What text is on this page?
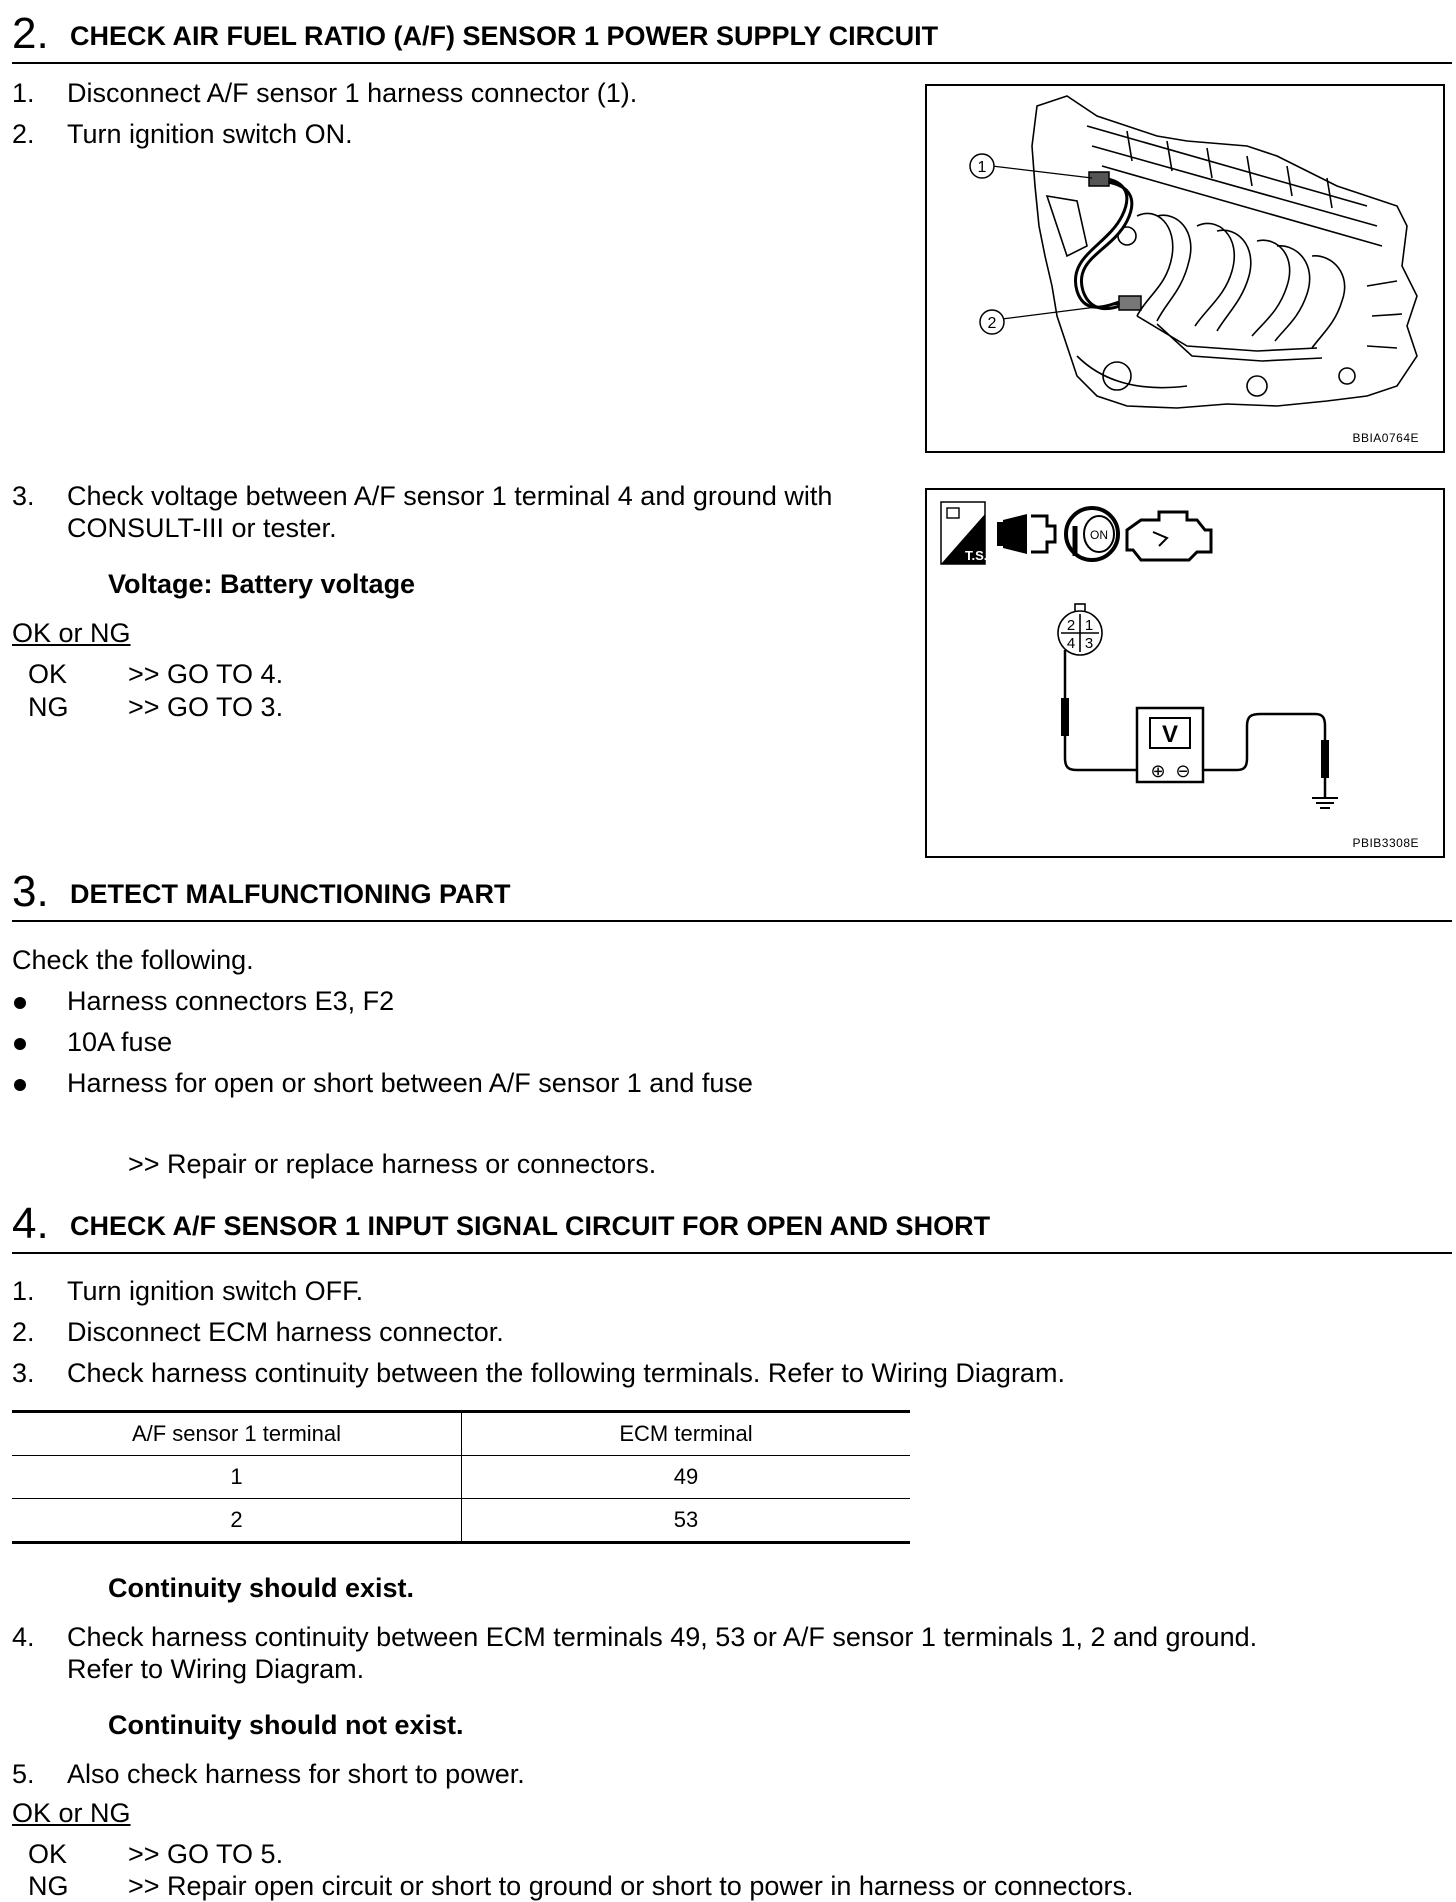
2. CHECK AIR FUEL RATIO (A/F) SENSOR 1 POWER SUPPLY CIRCUIT
1. Disconnect A/F sensor 1 harness connector (1).
2. Turn ignition switch ON.
1
2
BBIA0764E
3. Check voltage between A/F sensor 1 terminal 4 and ground with
CONSULT-III or tester.
Voltage: Battery voltage
OK or NG
OK >> GO TO 4.
NG >> GO TO 3.
T.S.
ON
2 1
4 3
V
⊕ ⊖
PBIB3308E
3. DETECT MALFUNCTIONING PART
Check the following.
Harness connectors E3, F2
10A fuse
Harness for open or short between A/F sensor 1 and fuse
>> Repair or replace harness or connectors.
4. CHECK A/F SENSOR 1 INPUT SIGNAL CIRCUIT FOR OPEN AND SHORT
1. Turn ignition switch OFF.
2. Disconnect ECM harness connector.
3. Check harness continuity between the following terminals. Refer to Wiring Diagram.
A/F sensor 1 terminal	ECM terminal
1	49
2	53
Continuity should exist.
4. Check harness continuity between ECM terminals 49, 53 or A/F sensor 1 terminals 1, 2 and ground.
Refer to Wiring Diagram.
Continuity should not exist.
5. Also check harness for short to power.
OK or NG
OK >> GO TO 5.
NG >> Repair open circuit or short to ground or short to power in harness or connectors.
